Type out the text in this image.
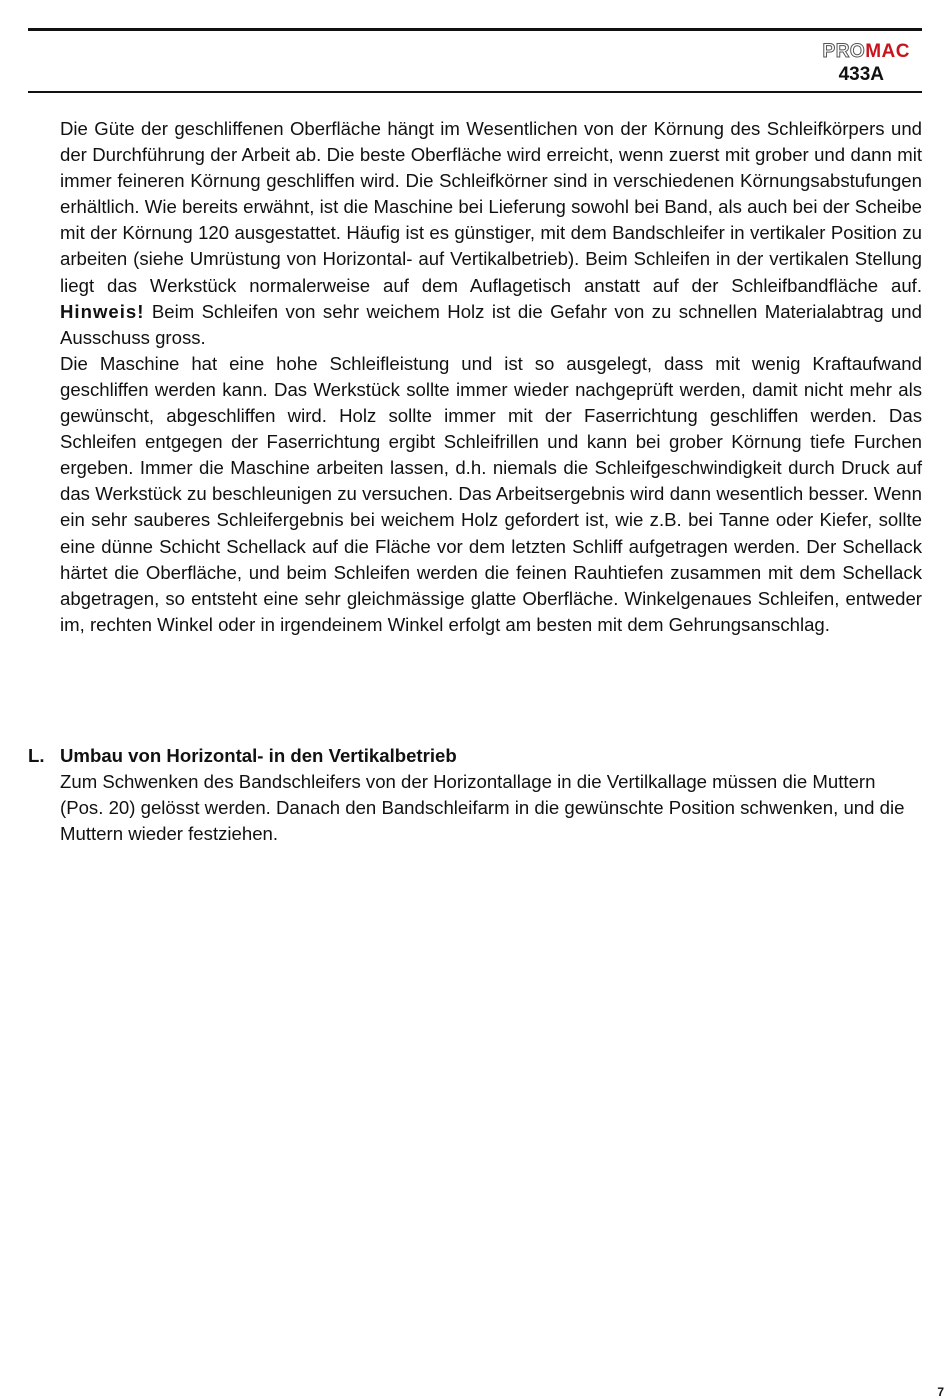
PROMAC
433A

Die Güte der geschliffenen Oberfläche hängt im Wesentlichen von der Körnung des Schleifkörpers und der Durchführung der Arbeit ab. Die beste Oberfläche wird erreicht, wenn zuerst mit grober und dann mit immer feineren Körnung geschliffen wird. Die Schleifkörner sind in verschiedenen Körnungsabstufungen erhältlich. Wie bereits erwähnt, ist die Maschine bei Lieferung sowohl bei Band, als auch bei der Scheibe mit der Körnung 120 ausgestattet. Häufig ist es günstiger, mit dem Bandschleifer in vertikaler Position zu arbeiten (siehe Umrüstung von Horizontal- auf Vertikalbetrieb). Beim Schleifen in der vertikalen Stellung liegt das Werkstück normalerweise auf dem Auflagetisch anstatt auf der Schleifbandfläche auf. Hinweis! Beim Schleifen von sehr weichem Holz ist die Gefahr von zu schnellen Materialabtrag und Ausschuss gross.

Die Maschine hat eine hohe Schleifleistung und ist so ausgelegt, dass mit wenig Kraftaufwand geschliffen werden kann. Das Werkstück sollte immer wieder nachgeprüft werden, damit nicht mehr als gewünscht, abgeschliffen wird. Holz sollte immer mit der Faserrichtung geschliffen werden. Das Schleifen entgegen der Faserrichtung ergibt Schleifrillen und kann bei grober Körnung tiefe Furchen ergeben. Immer die Maschine arbeiten lassen, d.h. niemals die Schleifgeschwindigkeit durch Druck auf das Werkstück zu beschleunigen zu versuchen. Das Arbeitsergebnis wird dann wesentlich besser. Wenn ein sehr sauberes Schleifergebnis bei weichem Holz gefordert ist, wie z.B. bei Tanne oder Kiefer, sollte eine dünne Schicht Schellack auf die Fläche vor dem letzten Schliff aufgetragen werden. Der Schellack härtet die Oberfläche, und beim Schleifen werden die feinen Rauhtiefen zusammen mit dem Schellack abgetragen, so entsteht eine sehr gleichmässige glatte Oberfläche. Winkelgenaues Schleifen, entweder im, rechten Winkel oder in irgendeinem Winkel erfolgt am besten mit dem Gehrungsanschlag.

L. Umbau von Horizontal- in den Vertikalbetrieb

Zum Schwenken des Bandschleifers von der Horizontallage in die Vertilkallage müssen die Muttern (Pos. 20) gelösst werden. Danach den Bandschleifarm in die gewünschte Position schwenken, und die Muttern wieder festziehen.

7
